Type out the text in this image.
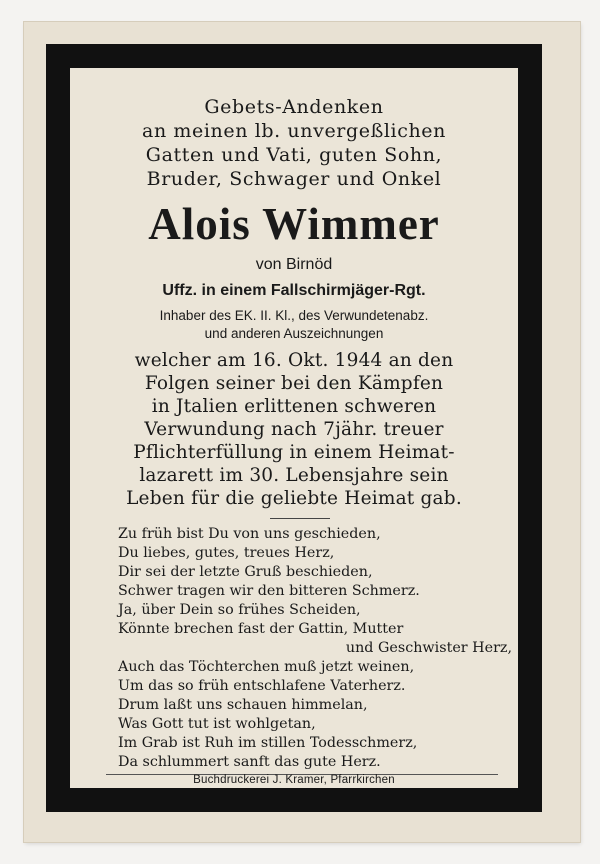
Gebets-Andenken
an meinen lb. unvergeßlichen
Gatten und Vati, guten Sohn,
Bruder, Schwager und Onkel
Alois Wimmer
von Birnöd
Uffz. in einem Fallschirmjäger-Rgt.
Inhaber des EK. II. Kl., des Verwundetenabz.
und anderen Auszeichnungen
welcher am 16. Okt. 1944 an den
Folgen seiner bei den Kämpfen
in Jtalien erlittenen schweren
Verwundung nach 7jähr. treuer
Pflichterfüllung in einem Heimat-
lazarett im 30. Lebensjahre sein
Leben für die geliebte Heimat gab.
Zu früh bist Du von uns geschieden,
Du liebes, gutes, treues Herz,
Dir sei der letzte Gruß beschieden,
Schwer tragen wir den bitteren Schmerz.
Ja, über Dein so frühes Scheiden,
Könnte brechen fast der Gattin, Mutter
und Geschwister Herz,
Auch das Töchterchen muß jetzt weinen,
Um das so früh entschlafene Vaterherz.
Drum laßt uns schauen himmelan,
Was Gott tut ist wohlgetan,
Im Grab ist Ruh im stillen Todesschmerz,
Da schlummert sanft das gute Herz.
Buchdruckerei J. Kramer, Pfarrkirchen
